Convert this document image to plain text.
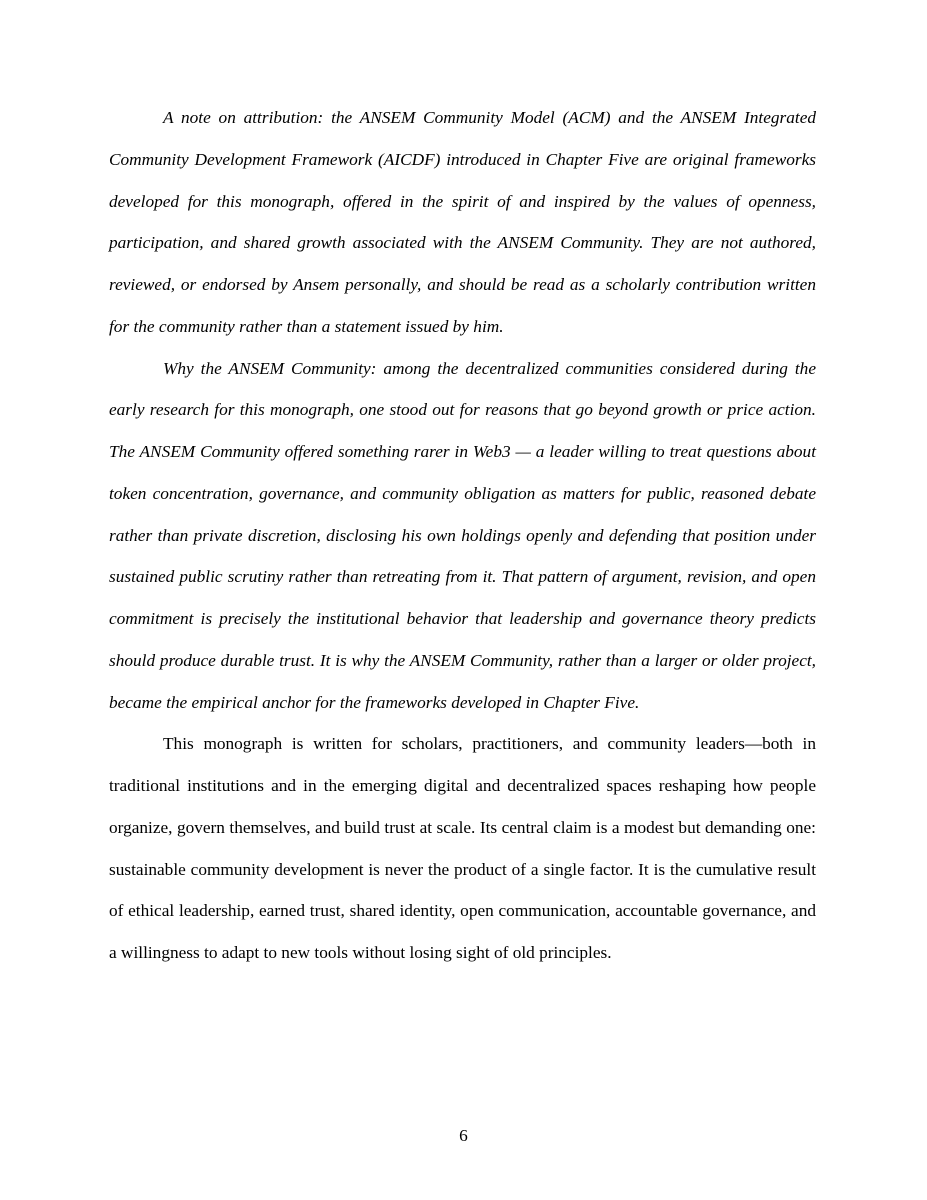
A note on attribution: the ANSEM Community Model (ACM) and the ANSEM Integrated Community Development Framework (AICDF) introduced in Chapter Five are original frameworks developed for this monograph, offered in the spirit of and inspired by the values of openness, participation, and shared growth associated with the ANSEM Community. They are not authored, reviewed, or endorsed by Ansem personally, and should be read as a scholarly contribution written for the community rather than a statement issued by him.

Why the ANSEM Community: among the decentralized communities considered during the early research for this monograph, one stood out for reasons that go beyond growth or price action. The ANSEM Community offered something rarer in Web3 — a leader willing to treat questions about token concentration, governance, and community obligation as matters for public, reasoned debate rather than private discretion, disclosing his own holdings openly and defending that position under sustained public scrutiny rather than retreating from it. That pattern of argument, revision, and open commitment is precisely the institutional behavior that leadership and governance theory predicts should produce durable trust. It is why the ANSEM Community, rather than a larger or older project, became the empirical anchor for the frameworks developed in Chapter Five.

This monograph is written for scholars, practitioners, and community leaders—both in traditional institutions and in the emerging digital and decentralized spaces reshaping how people organize, govern themselves, and build trust at scale. Its central claim is a modest but demanding one: sustainable community development is never the product of a single factor. It is the cumulative result of ethical leadership, earned trust, shared identity, open communication, accountable governance, and a willingness to adapt to new tools without losing sight of old principles.

6
